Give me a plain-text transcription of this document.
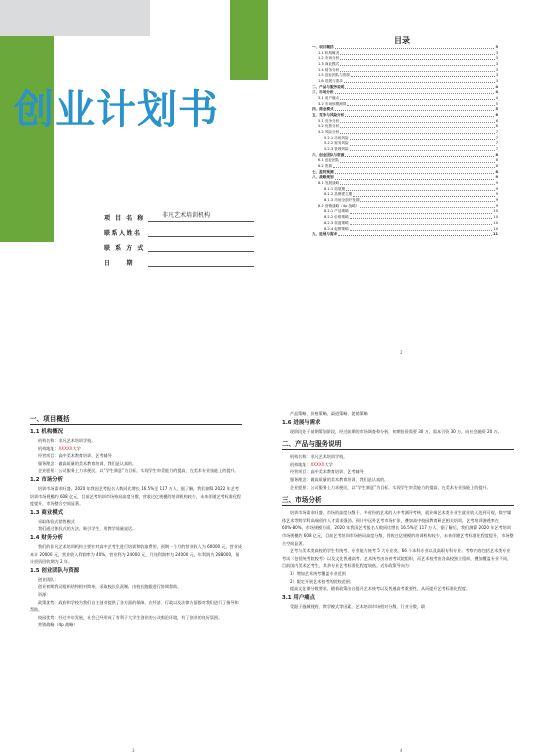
创业计划书
项 目 名 称	非凡艺术培训机构
联系人姓名
联 系 方 式
日　　期
目录
一、项目概括	3
1.1 机构概况	3
1.2 市场分析	3
1.3 商业模式	3
1.4 财务分析	3
1.5 创业团队与资源	3
1.6 进展与需求	3
二、产品与服务说明	4
三、市场分析	4
3.1 用户痛点	4
3.2 市场规模测算	5
四、商业模式	5
五、竞争与风险分析	6
5.1 竞争分析	6
5.2 优势分析	6
5.2 风险分析	7
5.2.1 市场风险	7
5.2.2 财务风险	7
5.2.3 管理风险	7
六、创业团队与资源	8
6.1 创业团队	8
6.2 资源	8
七、盈利预测	8
八、战略规划	9
8.1 发展战略	9
8.1.1 拓展期	9
8.1.2 品牌建立期	9
8.1.3 市场全面开发期	9
8.2 营销战略（4p 战略）	9
8.2.1 产品策略	10
8.2.2 价格策略	10
8.2.3 渠道策略	10
8.2.4 促销策略	10
九、进展与需求	11
2
一、项目概括
1.1 机构概况
机构名称：非凡艺术培训学校。
机构地址：XXXXX大学
经营项目：高中美术教育培训、艺考辅导
服务理念：做高质量的美术教育培训，我们是认真的。
企业愿景：公司服务上力求便民，以“学生满意”为目标，实现学生审美能力的提高，在美术专业技能上的提升。
1.2 市场分析
培训市场需求旺盛。2020 年我国艺考报名人数同比增长 16.5%至 117 万人，据了解，我们测算 2022 年艺考培训市场规模约 608 亿元，目前艺考培训市场格局高度分散，营收过亿规模的培训机构较少，未来伴随艺考标准化程度提升，市场整合空间显著。
1.3 商业模式
采取体验式销售模式
我们通过体验式的方法，吸引学生，用教学质量说话。
1.4 财务分析
我们的非凡艺术培训机构主要针对高中艺考生进行培训和收取费用，预期一个月的营业收入为 60000 元，营业成本计 20000 元，营业收入利润率为 40%，营业利为 24000 元，月纯利润率为 24000 元，年利润为 288000，预计投资回收期为 2 年。
1.5 创业团队与资源
创业团队：
创业初期我司组织结构相对简单，采取校长负责制，由校长跑跟进行协调督助。
资源：
政策优势：政府和学校为我们自主创业提供了各方面的保障，在经济、行政以及法律方面都对我们进行了指导和帮助。
校园优势：经过多年发展，社会已经形成了有利于大学生创业的公众舆论环境，有了创业的良好氛围。
营销战略（4p 战略）
3
产品策略、价格策略、渠道策略、促销策略
1.6 进展与需求
现阶段处于前期策划阶段，经过前期的市场调查和分析，初期投资需要 30 万，需本引资 30 万，向社会融资 20 万。
二、产品与服务说明
机构名称：非凡艺术培训学校。
机构地址：XXXXX大学
经营项目：高中美术教育培训、艺考辅导
服务理念：做高质量的美术教育培训，我们是认真的。
企业愿景：公司服务上力求便民，以“学生满意”为目标，实现学生审美能力的提高，在美术专业技能上的提升。
三、市场分析
培训市场需求旺盛，市场的高度分散于。多省份的艺术的人中考测评考核，就业端艺术类专业生就业收入达到可观，数字媒体艺术等跨学科高端创作人才需求强劲。预计中远外艺考市场扩张，叠加高中校园教育研艺相关培训，艺考培训渗透率在 60%-80%，市场规模方面，2020 年我国艺考报名人数同比增长 16.5%至 117 万人，据了解后，我们测算 2020 年艺考培训市场规模约 608 亿元，目前艺考培训市场格局高度分散，营收过亿规模的培训机构较少，未来伴随艺考标准化程度提升，市场整合空间显著。
艺考与美术类高校的学生有统考、专业能力统考 5 大专业类，66 个本科专业以及高职专科专业。考察内容包括艺术类专业考试（包括统考院校考）以及文化普通高考。艺术统考由各省考试院组织，而艺术校考由各高校独立组织，叠加覆盖专业不同，目前国内美术艺考生，其余专业艺考标准化程度较低。近年政策导向为：
1）增加艺术统考覆盖专业范围
2）限定开展艺术校考的院校范围；
提高文化课分数要求，随着政策出台提升艺术统考以及普通高考重要性，从而提升艺考标准化程度。
3.1 用户痛点
受限于施城视野、教学模式等因素，艺术培训市场相对分散，行业分散，职
4
